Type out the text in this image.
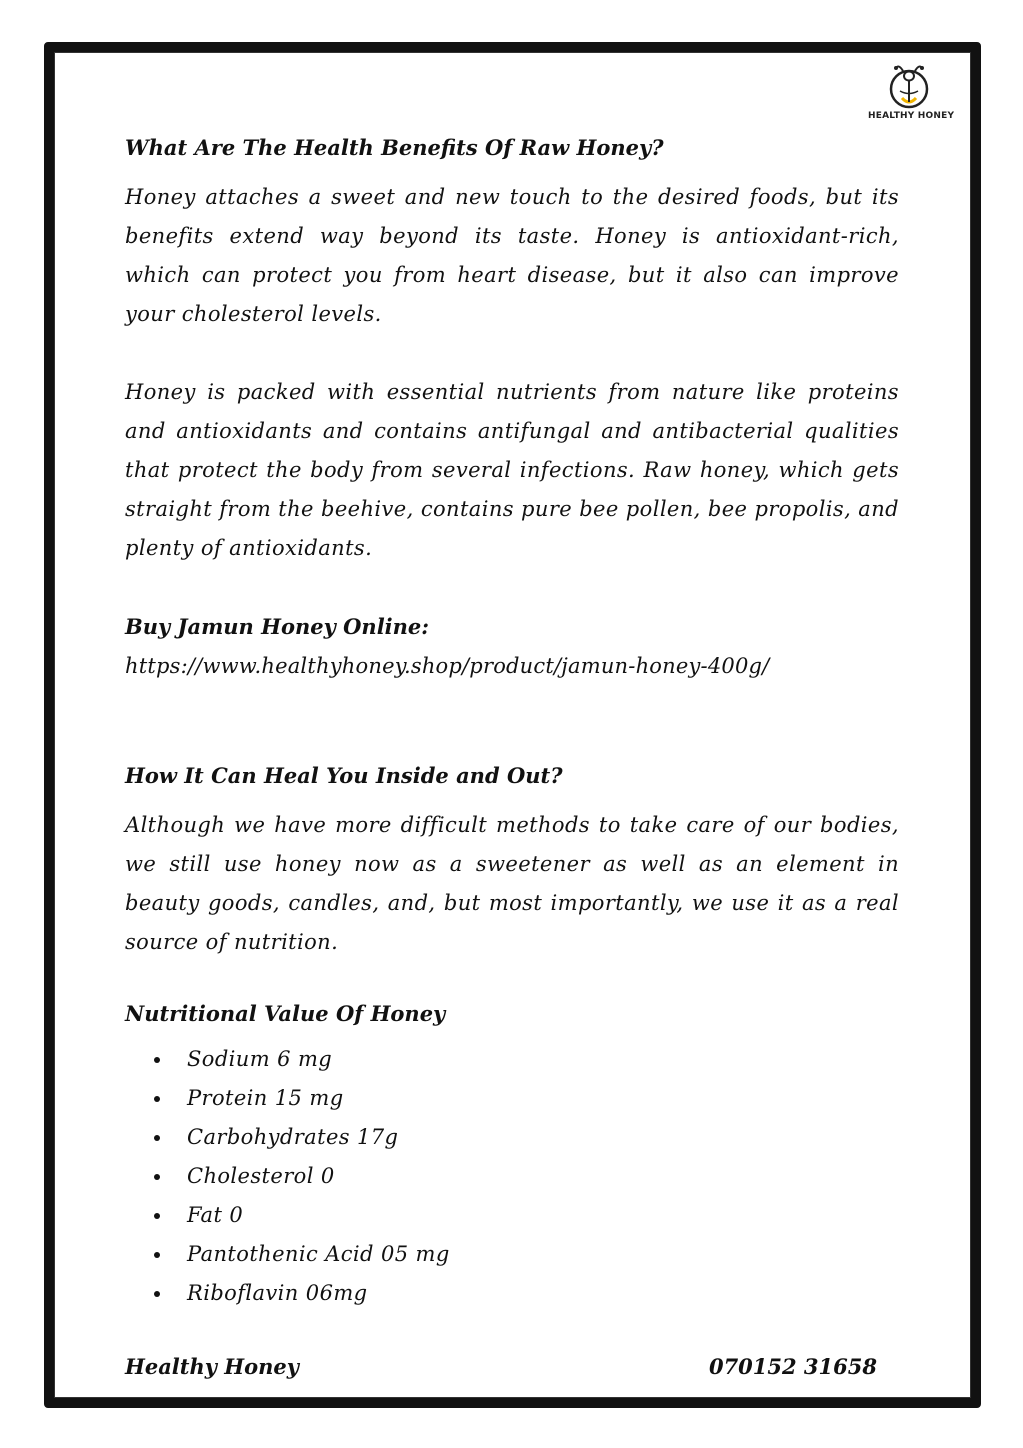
HEALTHY HONEY
What Are The Health Benefits Of Raw Honey?

Honey attaches a sweet and new touch to the desired foods, but its benefits extend way beyond its taste. Honey is antioxidant-rich, which can protect you from heart disease, but it also can improve your cholesterol levels.

Honey is packed with essential nutrients from nature like proteins and antioxidants and contains antifungal and antibacterial qualities that protect the body from several infections. Raw honey, which gets straight from the beehive, contains pure bee pollen, bee propolis, and plenty of antioxidants.

Buy Jamun Honey Online:
https://www.healthyhoney.shop/product/jamun-honey-400g/
How It Can Heal You Inside and Out?

Although we have more difficult methods to take care of our bodies, we still use honey now as a sweetener as well as an element in beauty goods, candles, and, but most importantly, we use it as a real source of nutrition.

Nutritional Value Of Honey
Sodium 6 mg
Protein 15 mg
Carbohydrates 17g
Cholesterol 0
Fat 0
Pantothenic Acid 05 mg
Riboflavin 06mg
Healthy Honey	070152 31658
